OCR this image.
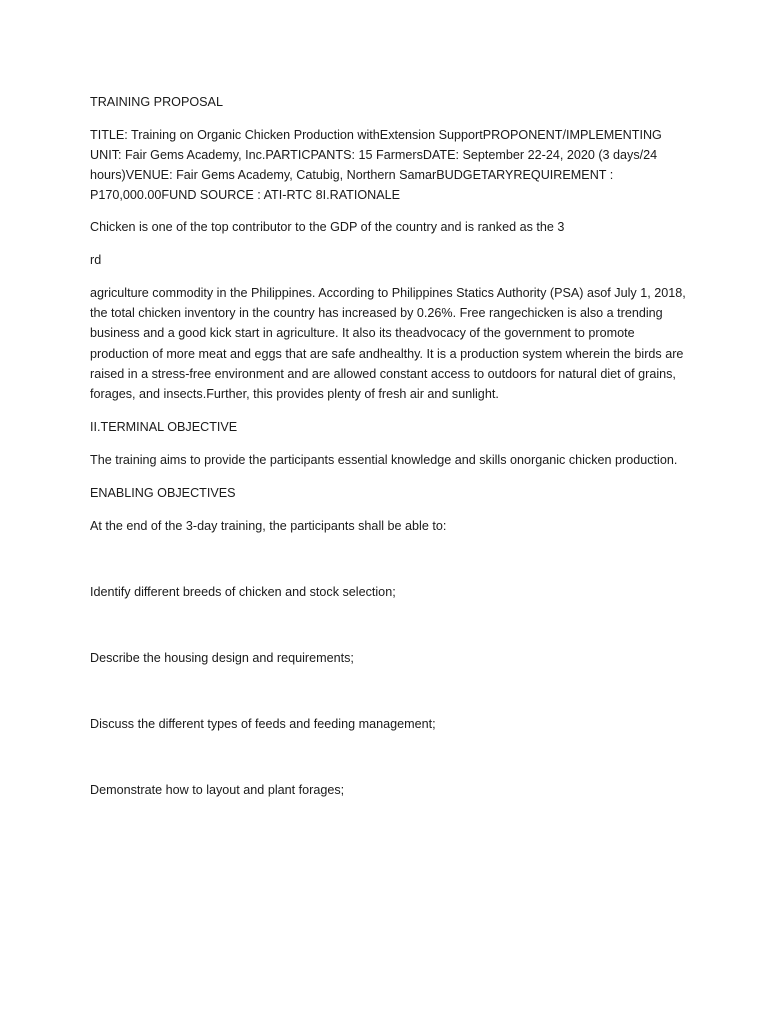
TRAINING PROPOSAL

TITLE: Training on Organic Chicken Production withExtension SupportPROPONENT/IMPLEMENTING UNIT: Fair Gems Academy, Inc.PARTICPANTS: 15 FarmersDATE: September 22-24, 2020 (3 days/24 hours)VENUE: Fair Gems Academy, Catubig, Northern SamarBUDGETARYREQUIREMENT : P170,000.00FUND SOURCE : ATI-RTC 8I.RATIONALE

Chicken is one of the top contributor to the GDP of the country and is ranked as the 3

rd

agriculture commodity in the Philippines. According to Philippines Statics Authority (PSA) asof July 1, 2018, the total chicken inventory in the country has increased by 0.26%. Free rangechicken is also a trending business and a good kick start in agriculture. It also its theadvocacy of the government to promote production of more meat and eggs that are safe andhealthy. It is a production system wherein the birds are raised in a stress-free environment and are allowed constant access to outdoors for natural diet of grains, forages, and insects.Further, this provides plenty of fresh air and sunlight.

II.TERMINAL OBJECTIVE

The training aims to provide the participants essential knowledge and skills onorganic chicken production.

ENABLING OBJECTIVES

At the end of the 3-day training, the participants shall be able to:

Identify different breeds of chicken and stock selection;

Describe the housing design and requirements;

Discuss the different types of feeds and feeding management;

Demonstrate how to layout and plant forages;
